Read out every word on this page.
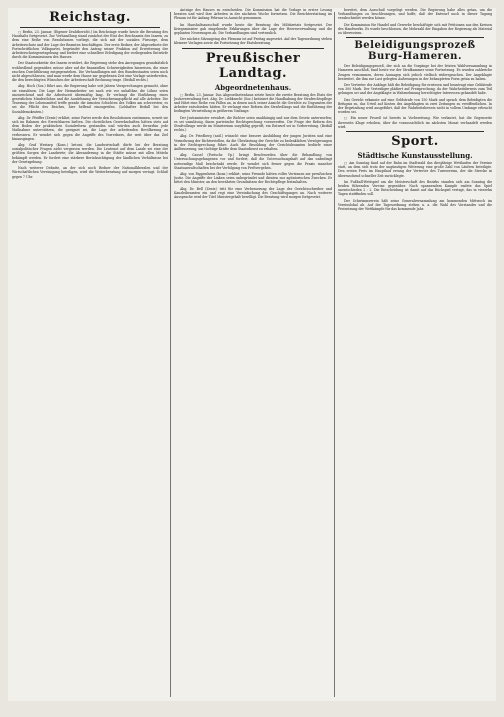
Reichstag.

□ Berlin, 23. Januar. (Eigener Drahtbericht.) Im Reichstage wurde heute die Beratung des Haushalts fortgesetzt. Zur Verhandlung stand zunächst der Etat des Reichsamts des Innern, zu dem eine Reihe von Resolutionen vorliegt, die sich mit der sozialen Fürsorge, dem Arbeiterschutz und der Lage der Beamten beschäftigen. Der erste Redner, der Abgeordnete der Fortschrittlichen Volkspartei, begründet den Antrag seiner Fraktion auf Erweiterung der Arbeiterschutzgesetzgebung und fordert eine schnellere Erledigung der vorliegenden Entwürfe durch die Kommissionen des Hauses.

Der Staatssekretär des Innern erwidert, die Regierung stehe den Anregungen grundsätzlich wohlwollend gegenüber, müsse aber auf die finanziellen Schwierigkeiten hinweisen, die einer raschen Durchführung entgegenstehen. Die Verhandlungen mit den Bundesstaaten seien noch nicht abgeschlossen, und man werde dem Hause zur gegebenen Zeit eine Vorlage unterbreiten, die den berechtigten Wünschen der Arbeiterschaft Rechnung trage. (Beifall rechts.)

Abg. Hoch (Soz.) führt aus, die Regierung habe seit Jahren Versprechungen gemacht, ohne sie einzulösen. Die Lage der Heimarbeiter sei nach wie vor unhaltbar, die Löhne seien unzureichend und die Arbeitszeit übermäßig lang. Er verlangt die Einführung eines gesetzlichen Mindestlohns und die Ausdehnung der Versicherungspflicht auf alle Arbeiter. Die Teuerung der Lebensmittel treffe gerade die ärmsten Schichten des Volkes am schwersten; es sei die Pflicht des Reiches, hier helfend einzugreifen. (Lebhafter Beifall bei den Sozialdemokraten.)

Abg. Dr. Pfeiffer (Zentr.) erklärt, seine Partei werde den Resolutionen zustimmen, soweit sie sich im Rahmen des Erreichbaren hielten. Die christlichen Gewerkschaften hätten stets auf dem Boden der praktischen Sozialreform gestanden und würden auch fernerhin jede Maßnahme unterstützen, die geeignet sei, die Lage der arbeitenden Bevölkerung zu verbessern. Er wendet sich gegen die Angriffe des Vorredners, die weit über das Ziel hinausgingen.

Abg. Graf Westarp (Kons.) betont, die Landwirtschaft dürfe bei der Beratung sozialpolitischer Fragen nicht vergessen werden. Die Leutenot auf dem Lande sei eine der größten Sorgen der Landwirte; die Abwanderung in die Städte müsse mit allen Mitteln bekämpft werden. Er fordert eine stärkere Berücksichtigung der ländlichen Verhältnisse bei der Gesetzgebung.

Nach weiterer Debatte, an der sich noch Redner der Nationalliberalen und der Wirtschaftlichen Vereinigung beteiligen, wird die Weiterberatung auf morgen vertagt. Schluß gegen 7 Uhr.

Anträge des Hauses zu entscheiden. Die Kommission hat die Vorlage in erster Lesung beraten und wird ihre Arbeiten in der nächsten Woche fortsetzen. Die Berichterstattung im Plenum ist für Anfang Februar in Aussicht genommen.

Im Haushaltsausschuß wurde heute die Beratung des Militäretats fortgesetzt. Der Kriegsminister gab eingehende Erklärungen über die Lage der Heeresverwaltung und die geplanten Neuerungen ab. Die Verhandlungen sind vertraulich.

Der nächste Sitzungstag des Plenums ist auf Freitag angesetzt. Auf der Tagesordnung stehen kleinere Vorlagen sowie die Fortsetzung der Etatsberatung.

Preußischer Landtag.
Abgeordnetenhaus.

□ Berlin, 23. Januar. Das Abgeordnetenhaus setzte heute die zweite Beratung des Etats der Justizverwaltung fort. Abg. Dr. Liebknecht (Soz.) kritisiert die Handhabung der Strafrechtspflege und führt eine Reihe von Fällen an, in denen nach seiner Ansicht die Gerichte zu Ungunsten der Arbeiter entschieden hätten. Er verlangt eine Reform des Strafvollzugs und die Einführung der bedingten Verurteilung in größerem Umfange.

Der Justizminister erwidert, die Richter seien unabhängig und nur dem Gesetz unterworfen; es sei unzulässig, ihnen parteiische Rechtsprechung vorzuwerfen. Die Frage der Reform des Strafvollzugs werde im Ministerium sorgfältig geprüft; ein Entwurf sei in Vorbereitung. (Beifall rechts.)

Abg. Dr. Friedberg (natl.) wünscht eine bessere Ausbildung der jungen Juristen und eine Vermehrung der Richterstellen, da die Überlastung der Gerichte zu bedenklichen Verzögerungen in der Rechtsprechung führe. Auch die Besoldung der Gerichtsbeamten bedürfe einer Aufbesserung, um tüchtige Kräfte dem Staatsdienst zu erhalten.

Abg. Cassel (Fortschr. Vp.) bringt Beschwerden über die Behandlung von Untersuchungsgefangenen vor und fordert, daß die Untersuchungshaft auf das unbedingt notwendige Maß beschränkt werde. Er wendet sich ferner gegen die Praxis mancher Staatsanwaltschaften bei der Verfolgung von Preßvergehen.

Abg. von Pappenheim (kons.) erklärt, seine Freunde hätten volles Vertrauen zur preußischen Justiz. Die Angriffe der Linken seien unbegründet und dienten nur agitatorischen Zwecken. Er bittet den Minister, an den bewährten Grundsätzen der Rechtspflege festzuhalten.

Abg. Dr. Bell (Zentr.) tritt für eine Verbesserung der Lage der Gerichtsschreiber und Kanzleibeamten ein und regt eine Vereinfachung des Geschäftsganges an. Nach weiterer Aussprache wird der Titel Ministergehalt bewilligt. Die Beratung wird morgen fortgesetzt.

bereitet, dem Ausschuß vorgelegt werden. Die Regierung habe alles getan, um die Verhandlungen zu beschleunigen, und hoffe, daß der Entwurf noch in dieser Tagung verabschiedet werden könne.

Die Kommission für Handel und Gewerbe beschäftigte sich mit Petitionen aus den Kreisen des Handwerks. Es wurde beschlossen, die Mehrzahl der Eingaben der Regierung als Material zu überweisen.

Beleidigungsprozeß Burg-Hameren.

Der Beleidigungsprozeß, der sich an die Vorgänge bei der letzten Wahlversammlung in Hameren anschloß, fand heute vor der Strafkammer seine Fortsetzung. Es wurden zahlreiche Zeugen vernommen, deren Aussagen sich jedoch vielfach widersprachen. Der Angeklagte bestreitet, die ihm zur Last gelegten Äußerungen in der behaupteten Form getan zu haben.

Der Vertreter der Anklage hält die Beleidigung für erwiesen und beantragt eine Geldstrafe von 300 Mark. Der Verteidiger plädiert auf Freisprechung, da der Wahrheitsbeweis zum Teil gelungen sei und der Angeklagte in Wahrnehmung berechtigter Interessen gehandelt habe.

Das Gericht erkannte auf eine Geldstrafe von 150 Mark und sprach dem Beleidigten die Befugnis zu, das Urteil auf Kosten des Angeklagten in zwei Zeitungen zu veröffentlichen. In der Begründung wird ausgeführt, daß der Wahrheitsbeweis nicht in vollem Umfange erbracht worden sei.

□ Ein neuer Prozeß ist bereits in Vorbereitung. Wie verlautet, hat die Gegenseite ihrerseits Klage erhoben, über die voraussichtlich im nächsten Monat verhandelt werden wird.

Sport.
Städtische Kunstausstellung.

□ Am Sonntag fand auf der Bahn im Stadtwald das diesjährige Wettlaufen der Vereine statt, an dem sich trotz der ungünstigen Witterung eine große Zahl von Läufern beteiligte. Den ersten Preis im Hauptlauf errang der Vertreter des Turnvereins, der die Strecke in überraschend schneller Zeit zurücklegte.

Im Fußball-Wettspiel um die Meisterschaft des Bezirks standen sich am Sonntag die beiden führenden Vereine gegenüber. Nach spannendem Kampfe endete das Spiel unentschieden 2 : 2. Die Entscheidung ist damit auf das Rückspiel vertagt, das in vierzehn Tagen stattfinden soll.

Der Schwimmverein hält seine Generalversammlung am kommenden Mittwoch im Vereinslokal ab. Auf der Tagesordnung stehen u. a. die Wahl des Vorstandes und die Festsetzung der Wettkämpfe für das kommende Jahr.
